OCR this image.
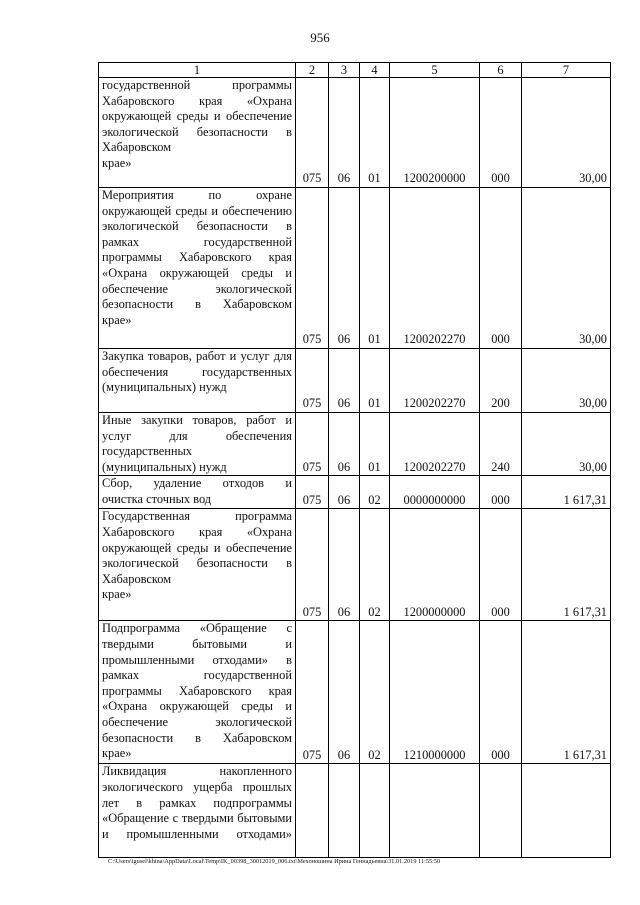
956
1	2	3	4	5	6	7
государственной программы Хабаровского края «Охрана окружающей среды и обеспечение экологической безопасности в Хабаровском
крае»	075	06	01	1200200000	000	30,00
Мероприятия по охране окружающей среды и обеспечению экологической безопасности в рамках государственной программы Хабаровского края «Охрана окружающей среды и обеспечение экологической безопасности в Хабаровском
крае»	075	06	01	1200202270	000	30,00
Закупка товаров, работ и услуг для обеспечения государственных
(муниципальных) нужд	075	06	01	1200202270	200	30,00
Иные закупки товаров, работ и услуг для обеспечения государственных
(муниципальных) нужд	075	06	01	1200202270	240	30,00
Сбор, удаление отходов и
очистка сточных вод	075	06	02	0000000000	000	1 617,31
Государственная программа Хабаровского края «Охрана окружающей среды и обеспечение экологической безопасности в Хабаровском
крае»	075	06	02	1200000000	000	1 617,31
Подпрограмма «Обращение с твердыми бытовыми и промышленными отходами» в рамках государственной программы Хабаровского края «Охрана окружающей среды и обеспечение экологической безопасности в Хабаровском
крае»	075	06	02	1210000000	000	1 617,31
Ликвидация накопленного экологического ущерба прошлых лет в рамках подпрограммы «Обращение с твердыми бытовыми и промышленными отходами»

C:\Users\igusel\khina\AppData\Local\Temp\IK_00398_30012019_006.txt\Мехоношина Ирина Геннадьевна\31.01.2019 11:55:50
